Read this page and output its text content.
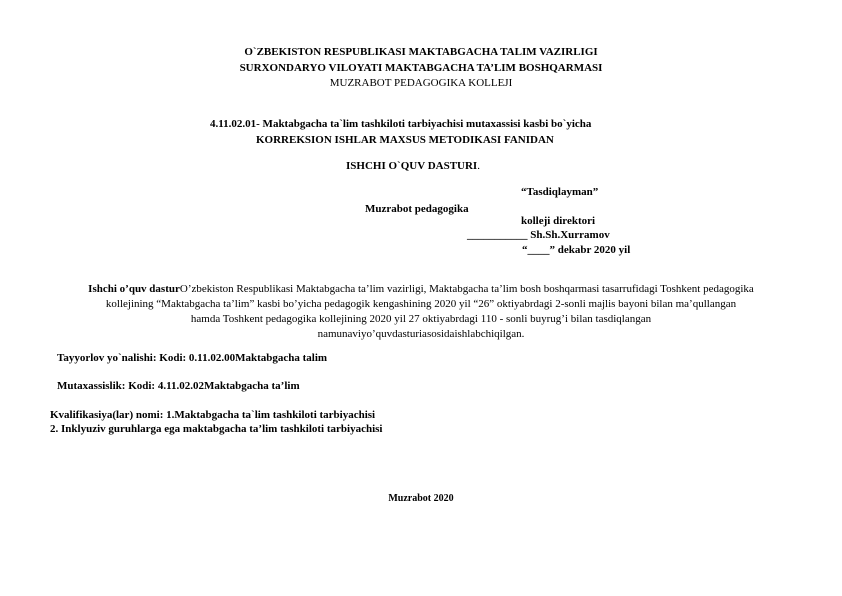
O`ZBEKISTON RESPUBLIKASI MAKTABGACHA TALIM VAZIRLIGI
SURXONDARYO VILOYATI MAKTABGACHA TA’LIM BOSHQARMASI
MUZRABOT PEDAGOGIKA KOLLEJI
4.11.02.01- Maktabgacha ta`lim tashkiloti tarbiyachisi mutaxassisi kasbi bo`yicha
KORREKSION ISHLAR MAXSUS METODIKASI FANIDAN
ISHCHI O`QUV DASTURI.
“Tasdiqlayman”
Muzrabot pedagogika
kolleji direktori
___________ Sh.Sh.Xurramov
“____” dekabr 2020 yil
Ishchi o’quv dasturO’zbekiston Respublikasi Maktabgacha ta’lim vazirligi, Maktabgacha ta’lim bosh boshqarmasi tasarrufidagi Toshkent pedagogika
kollejining “Maktabgacha ta’lim” kasbi bo’yicha pedagogik kengashining 2020 yil “26” oktiyabrdagi 2-sonli majlis bayoni bilan ma’qullangan
hamda Toshkent pedagogika kollejining 2020 yil 27 oktiyabrdagi 110 - sonli buyrug’i bilan tasdiqlangan
namunaviyo’quvdasturiasosidaishlabchiqilgan.
Tayyorlov yo`nalishi: Kodi: 0.11.02.00Maktabgacha talim
Mutaxassislik: Kodi: 4.11.02.02Maktabgacha ta’lim
Kvalifikasiya(lar) nomi: 1.Maktabgacha ta`lim tashkiloti tarbiyachisi
2. Inklyuziv guruhlarga ega maktabgacha ta’lim tashkiloti tarbiyachisi
Muzrabot 2020
